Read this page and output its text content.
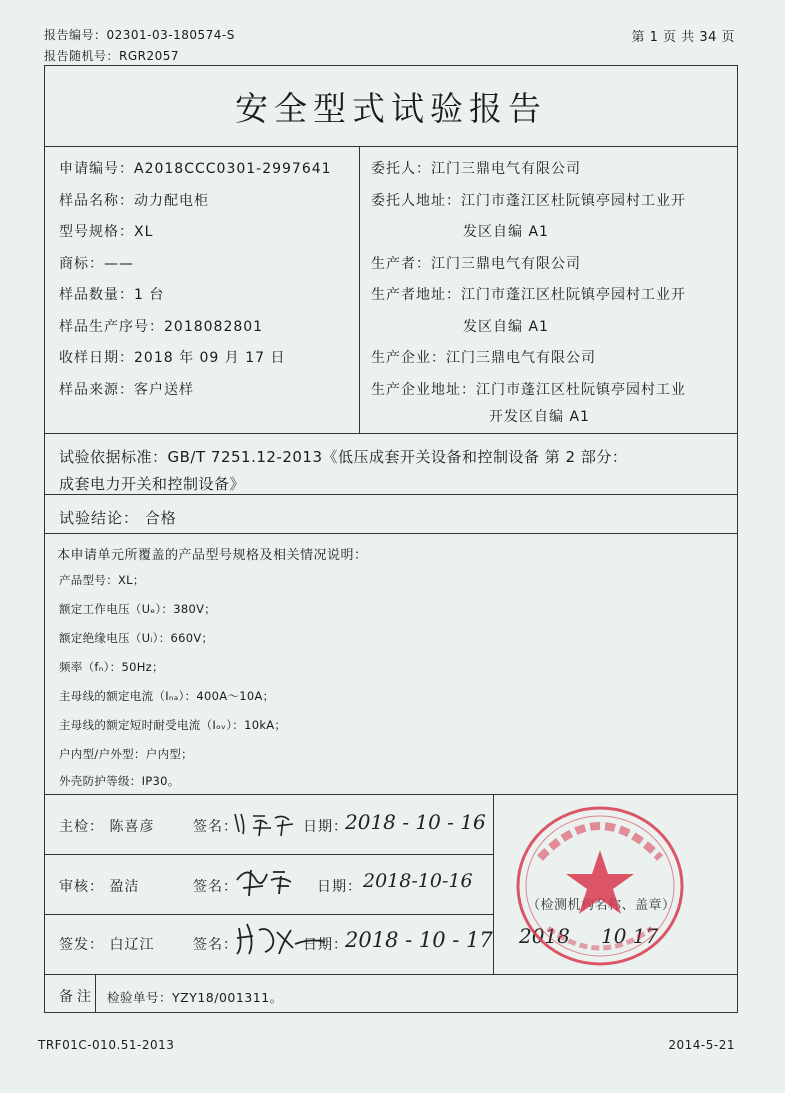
报告编号：02301-03-180574-S
报告随机号：RGR2057
第 1 页 共 34 页
安全型式试验报告
申请编号：A2018CCC0301-2997641
样品名称：动力配电柜
型号规格：XL
商标：——
样品数量：1 台
样品生产序号：2018082801
收样日期：2018 年 09 月 17 日
样品来源：客户送样
委托人：江门三鼎电气有限公司
委托人地址：江门市蓬江区杜阮镇亭园村工业开
发区自编 A1
生产者：江门三鼎电气有限公司
生产者地址：江门市蓬江区杜阮镇亭园村工业开
发区自编 A1
生产企业：江门三鼎电气有限公司
生产企业地址：江门市蓬江区杜阮镇亭园村工业
开发区自编 A1
试验依据标准：GB/T 7251.12-2013《低压成套开关设备和控制设备 第 2 部分：
成套电力开关和控制设备》
试验结论： 合格
本申请单元所覆盖的产品型号规格及相关情况说明：
产品型号：XL；
额定工作电压（Uₑ）：380V；
额定绝缘电压（Uᵢ）：660V；
频率（fₙ）：50Hz；
主母线的额定电流（Iₙₐ）：400A～10A；
主母线的额定短时耐受电流（Iₒᵥ）：10kA；
户内型/户外型：户内型；
外壳防护等级：IP30。
主检： 陈喜彦	签名：	日期：
2018 - 10 - 16
审核： 盈洁	签名：	日期： 2018-10-16
签发： 白辽江	签名：	日期：
2018 - 10 - 17
备注 检验单号：YZY18/001311。
（检测机构名称、盖章）
2018 10 17
TRF01C-010.51-2013	2014-5-21
